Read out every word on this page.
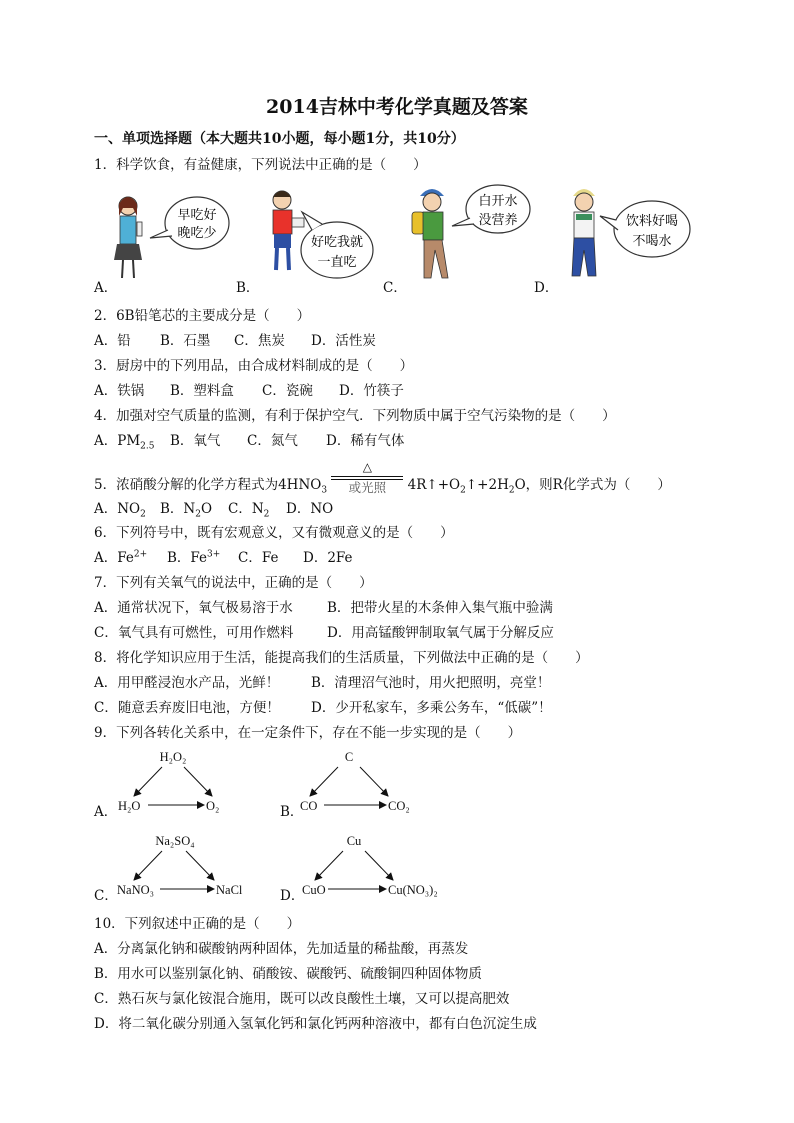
2014吉林中考化学真题及答案
一、单项选择题（本大题共10小题，每小题1分，共10分）
1．科学饮食，有益健康，下列说法中正确的是（　　）
早吃好
晚吃少
好吃我就
一直吃
白开水
没营养	饮料好喝
不喝水
A．	B．	C．	D．
2．6B铅笔芯的主要成分是（　　）
A．铅 B．石墨 C．焦炭 D．活性炭
3．厨房中的下列用品，由合成材料制成的是（　　）
A．铁锅 B．塑料盒 C．瓷碗 D．竹筷子
4．加强对空气质量的监测，有利于保护空气．下列物质中属于空气污染物的是（　　）
A．$PM_{2.5}$ B．氧气 C．氮气 D．稀有气体
5．浓硝酸分解的化学方程式为$4HNO_3$
△
或光照	$4R↑+O_2↑+2H_2O$，则R化学式为（　　）
A．$NO_2$ B．$N_2O$ C．$N_2$ D．NO
6．下列符号中，既有宏观意义，又有微观意义的是（　　）
A．$Fe^{2+}$ B．$Fe^{3+}$ C．Fe D．2Fe
7．下列有关氧气的说法中，正确的是（　　）
A．通常状况下，氧气极易溶于水	B．把带火星的木条伸入集气瓶中验满
C．氧气具有可燃性，可用作燃料 D．用高锰酸钾制取氧气属于分解反应
8．将化学知识应用于生活，能提高我们的生活质量，下列做法中正确的是（　　）
A．用甲醛浸泡水产品，光鲜！ B．清理沼气池时，用火把照明，亮堂！
C．随意丢弃废旧电池，方便！ D．少开私家车，多乘公务车，“低碳”！
9．下列各转化关系中，在一定条件下，存在不能一步实现的是（　　）
H₂O₂
H₂O	O₂
C
CO	CO₂
Na₂SO₄
NaNO₃	NaCl
Cu
CuO	Cu(NO₃)₂
A．	B．
C．	D．
10．下列叙述中正确的是（　　）
A．分离氯化钠和碳酸钠两种固体，先加适量的稀盐酸，再蒸发
B．用水可以鉴别氯化钠、硝酸铵、碳酸钙、硫酸铜四种固体物质
C．熟石灰与氯化铵混合施用，既可以改良酸性土壤，又可以提高肥效
D．将二氧化碳分别通入氢氧化钙和氯化钙两种溶液中，都有白色沉淀生成
